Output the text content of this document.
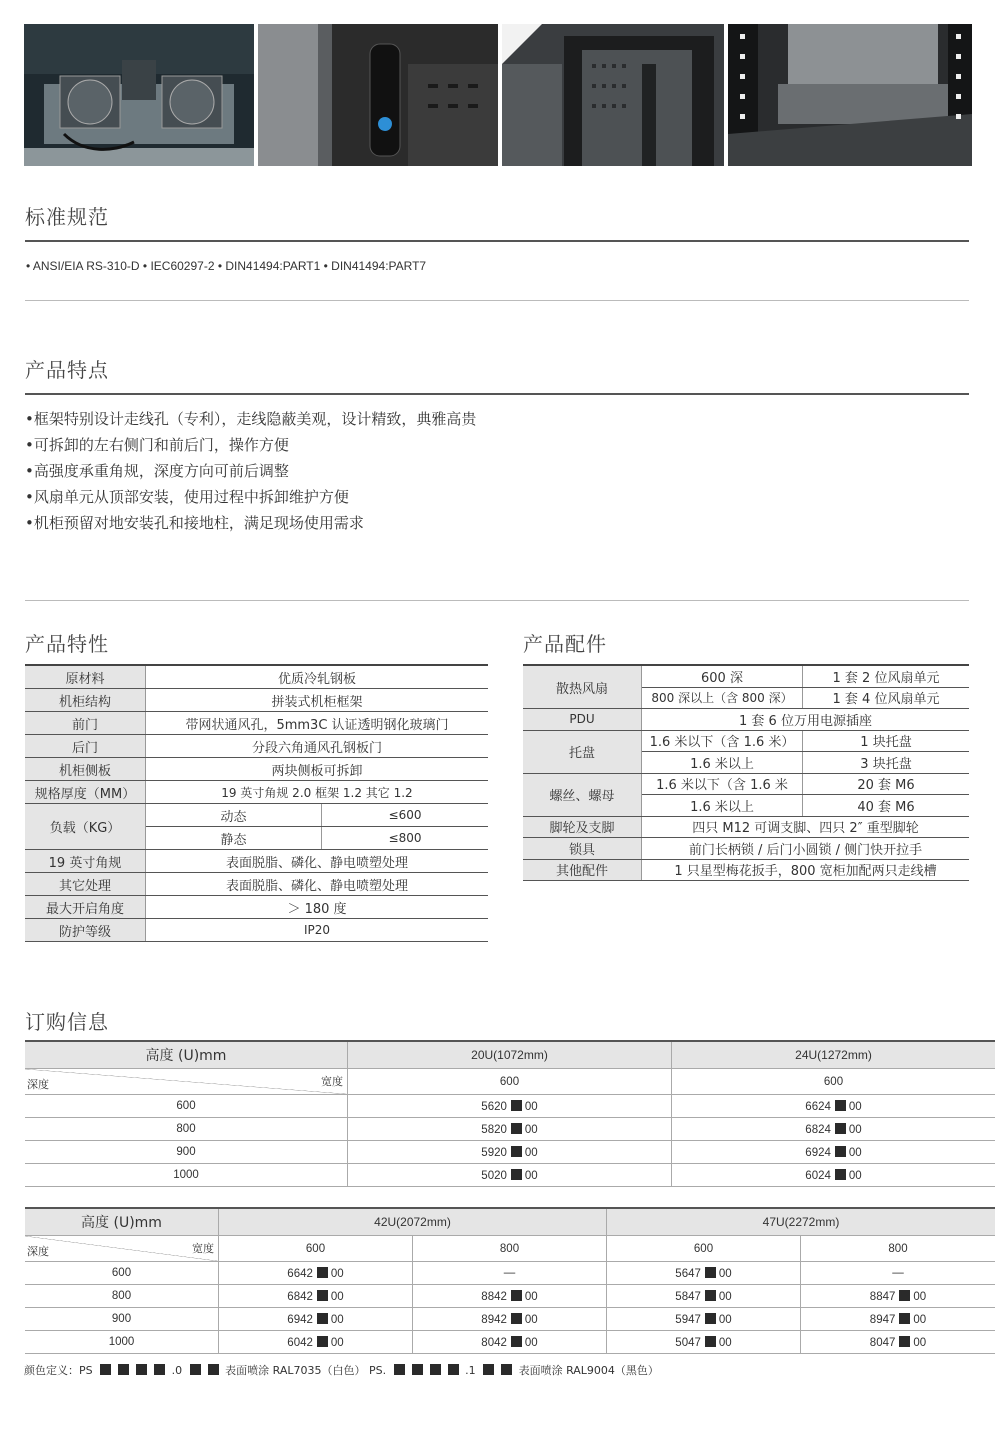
标准规范
• ANSI/EIA RS-310-D • IEC60297-2 • DIN41494:PART1 • DIN41494:PART7
产品特点
•框架特别设计走线孔（专利），走线隐蔽美观，设计精致，典雅高贵
•可拆卸的左右侧门和前后门，操作方便
•高强度承重角规，深度方向可前后调整
•风扇单元从顶部安装，使用过程中拆卸维护方便
•机柜预留对地安装孔和接地柱，满足现场使用需求
产品特性
原材料	优质冷轧钢板	
机柜结构	拼装式机柜框架	
前门	带网状通风孔，5mm3C 认证透明钢化玻璃门	
后门	分段六角通风孔钢板门	
机柜侧板	两块侧板可拆卸	
规格厚度（MM）	19 英寸角规 2.0 框架 1.2 其它 1.2	
负载（KG）	动态	≤600
	静态	≤800
19 英寸角规	表面脱脂、磷化、静电喷塑处理	
其它处理	表面脱脂、磷化、静电喷塑处理	
最大开启角度	＞ 180 度	
防护等级	IP20	
产品配件
散热风扇	600 深	1 套 2 位风扇单元
	800 深以上（含 800 深）	1 套 4 位风扇单元
PDU	1 套 6 位万用电源插座	
托盘	1.6 米以下（含 1.6 米）	1 块托盘
	1.6 米以上	3 块托盘
螺丝、螺母	1.6 米以下（含 1.6 米	20 套 M6
	1.6 米以上	40 套 M6
脚轮及支脚	四只 M12 可调支脚、四只 2″ 重型脚轮	
锁具	前门长柄锁 / 后门小圆锁 / 侧门快开拉手	
其他配件	1 只星型梅花扳手，800 宽柜加配两只走线槽	
订购信息
高度 (U)mm	20U(1072mm)	24U(1272mm)

深度 宽度	600	600
600	5620 00	6624 00
800	5820 00	6824 00
900	5920 00	6924 00
1000	5020 00	6024 00
高度 (U)mm	42U(2072mm)		47U(2272mm)	

深度 宽度	600	800	600	800
600	6642 00	—	5647 00	—
800	6842 00	8842 00	5847 00	8847 00
900	6942 00	8942 00	5947 00	8947 00
1000	6042 00	8042 00	5047 00	8047 00
颜色定义：PS	.0	表面喷涂 RAL7035（白色） PS.	.1	表面喷涂 RAL9004（黑色）
